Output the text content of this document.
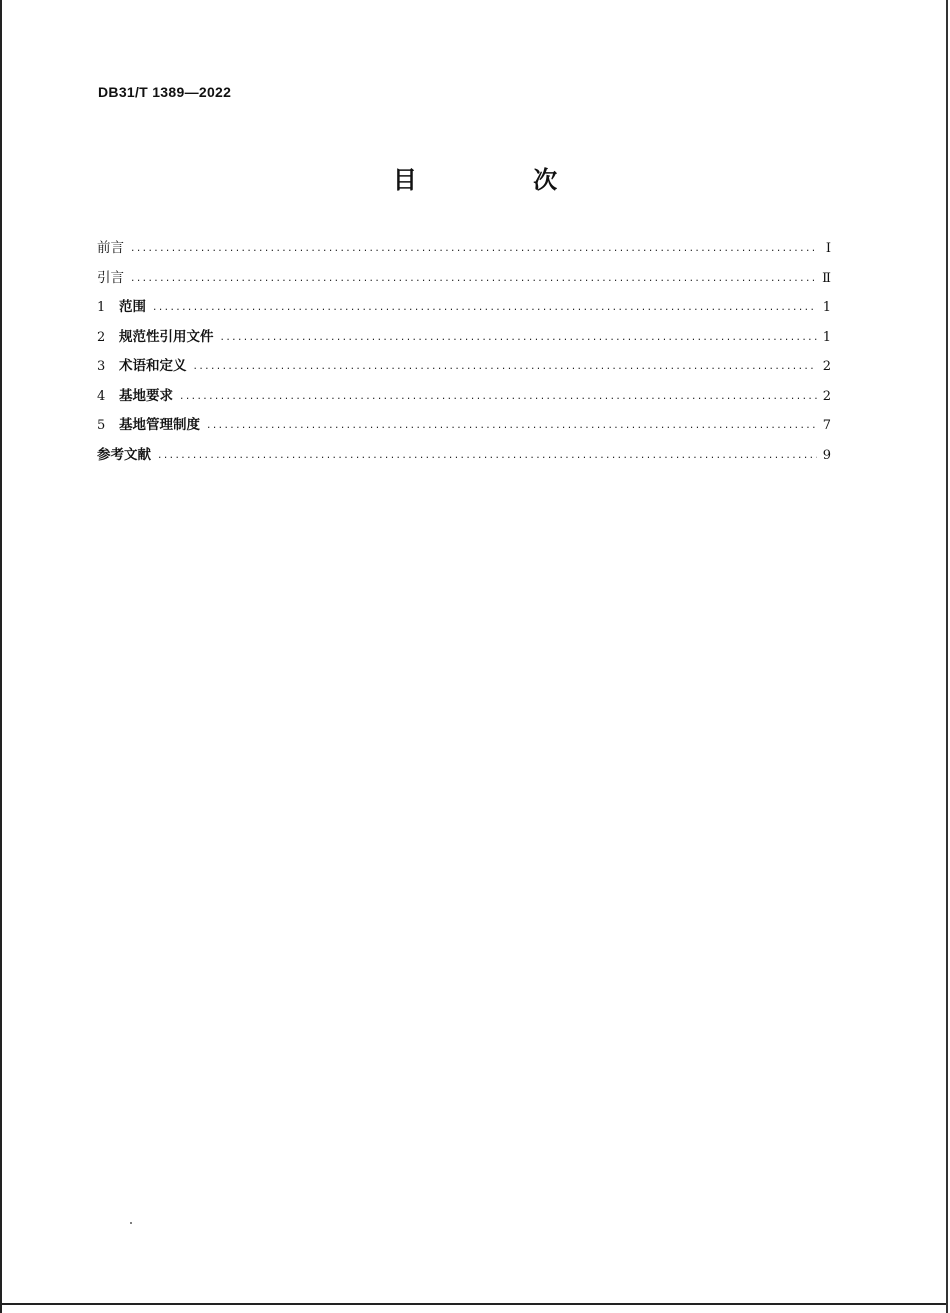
DB31/T 1389—2022
目 次
前言 .....	Ⅰ
引言 .....	Ⅱ
1	范围 .....	1
2	规范性引用文件 .....	1
3	术语和定义 .....	2
4	基地要求 .....	2
5	基地管理制度 .....	7
参考文献 .....	9
